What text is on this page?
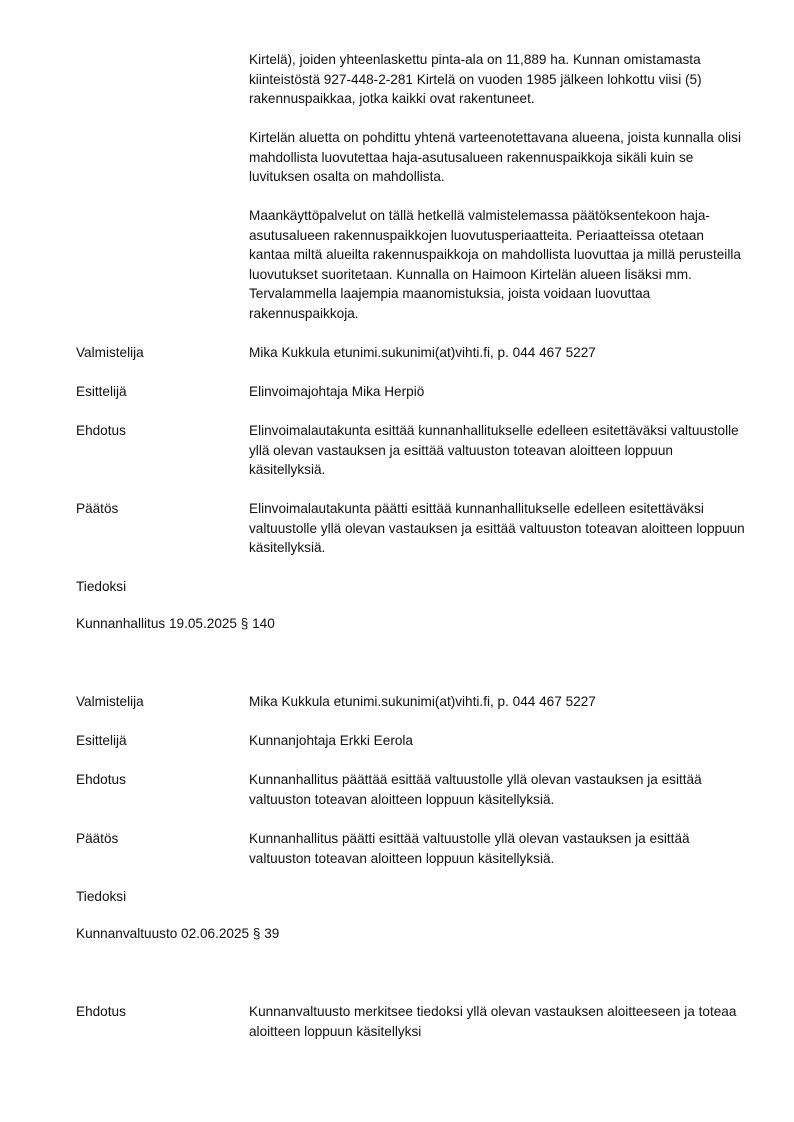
Kirtelä), joiden yhteenlaskettu pinta-ala on 11,889 ha. Kunnan omistamasta kiinteistöstä 927-448-2-281 Kirtelä on vuoden 1985 jälkeen lohkottu viisi (5) rakennuspaikkaa, jotka kaikki ovat rakentuneet.

Kirtelän aluetta on pohdittu yhtenä varteenotettavana alueena, joista kunnalla olisi mahdollista luovutettaa haja-asutusalueen rakennuspaikkoja sikäli kuin se luvituksen osalta on mahdollista.

Maankäyttöpalvelut on tällä hetkellä valmistelemassa päätöksentekoon haja-asutusalueen rakennuspaikkojen luovutusperiaatteita. Periaatteissa otetaan kantaa miltä alueilta rakennuspaikkoja on mahdollista luovuttaa ja millä perusteilla luovutukset suoritetaan. Kunnalla on Haimoon Kirtelän alueen lisäksi mm. Tervalammella laajempia maanomistuksia, joista voidaan luovuttaa rakennuspaikkoja.

Valmistelija	Mika Kukkula etunimi.sukunimi(at)vihti.fi, p. 044 467 5227
Esittelijä	Elinvoimajohtaja Mika Herpiö
Ehdotus	Elinvoimalautakunta esittää kunnanhallitukselle edelleen esitettäväksi valtuustolle yllä olevan vastauksen ja esittää valtuuston toteavan aloitteen loppuun käsitellyksiä.
Päätös	Elinvoimalautakunta päätti esittää kunnanhallitukselle edelleen esitettäväksi valtuustolle yllä olevan vastauksen ja esittää valtuuston toteavan aloitteen loppuun käsitellyksiä.
Tiedoksi
Kunnanhallitus 19.05.2025 § 140
Valmistelija	Mika Kukkula etunimi.sukunimi(at)vihti.fi, p. 044 467 5227
Esittelijä	Kunnanjohtaja Erkki Eerola
Ehdotus	Kunnanhallitus päättää esittää valtuustolle yllä olevan vastauksen ja esittää valtuuston toteavan aloitteen loppuun käsitellyksiä.
Päätös	Kunnanhallitus päätti esittää valtuustolle yllä olevan vastauksen ja esittää valtuuston toteavan aloitteen loppuun käsitellyksiä.
Tiedoksi
Kunnanvaltuusto 02.06.2025 § 39
Ehdotus	Kunnanvaltuusto merkitsee tiedoksi yllä olevan vastauksen aloitteeseen ja toteaa aloitteen loppuun käsitellyksi
